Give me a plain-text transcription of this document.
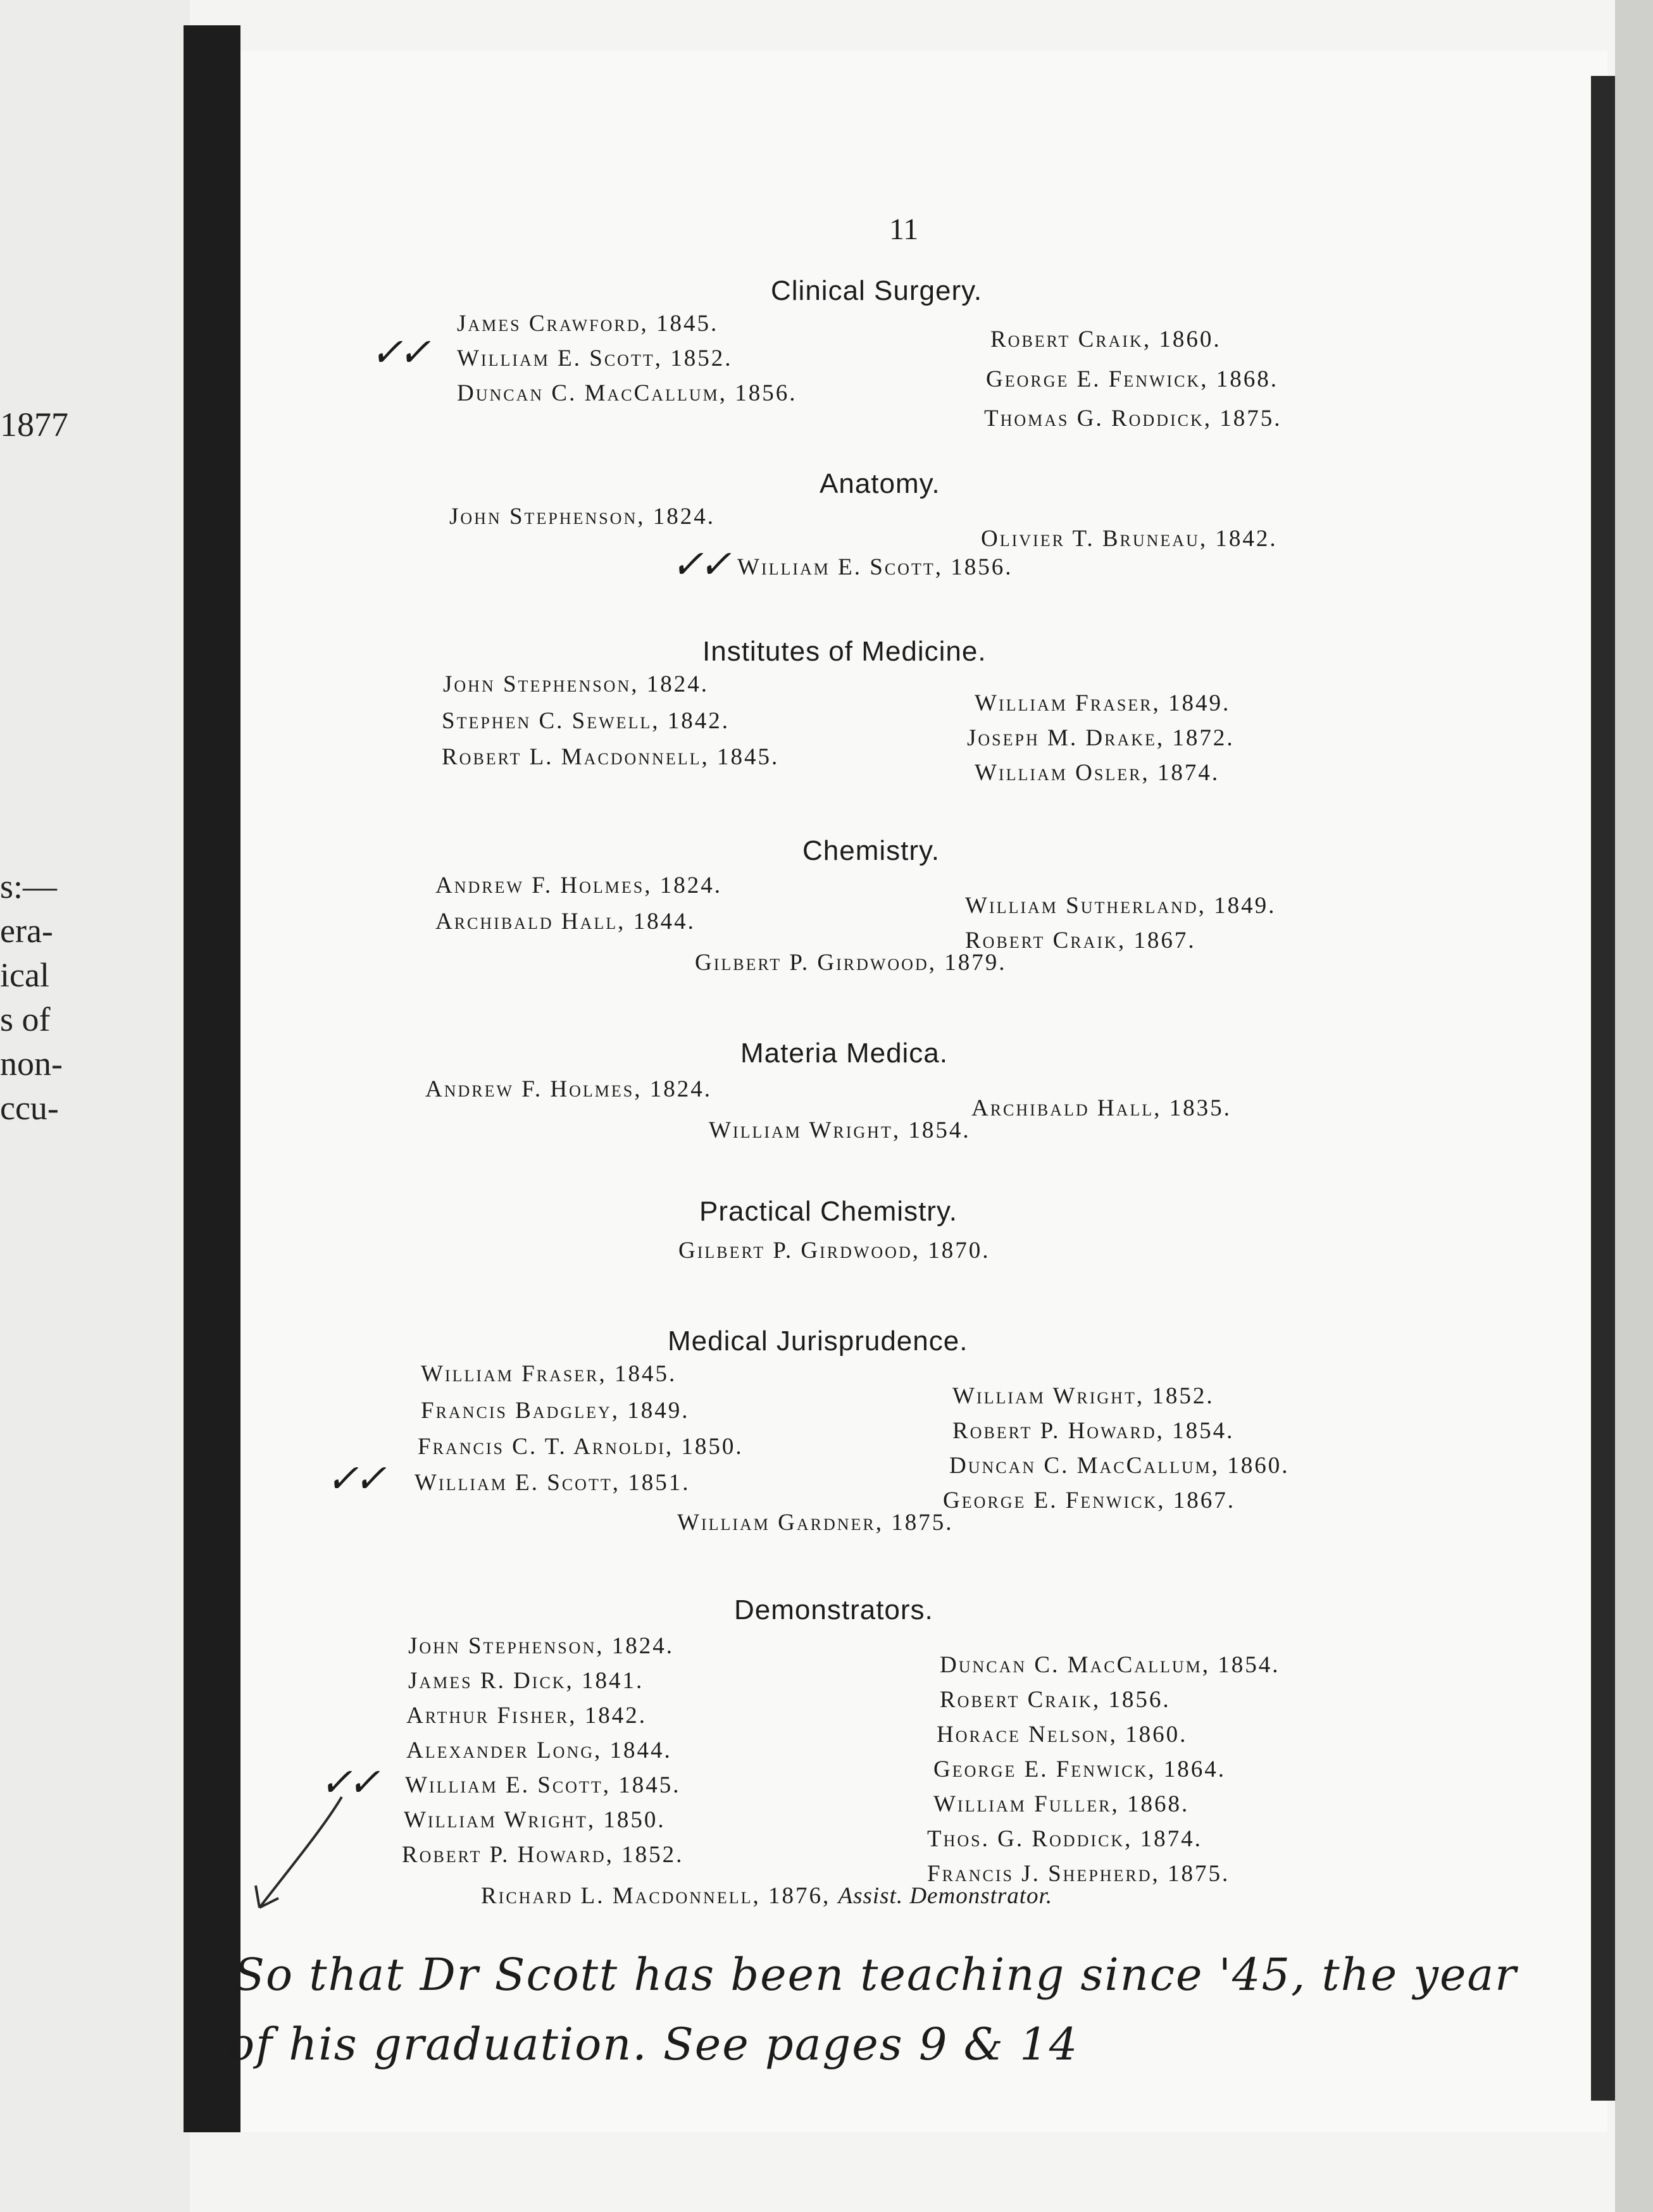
1877
s:—
era-
ical
s of
non-
ccu-
11
Clinical Surgery.
James Crawford, 1845.
William E. Scott, 1852.
Duncan C. MacCallum, 1856.
Robert Craik, 1860.
George E. Fenwick, 1868.
Thomas G. Roddick, 1875.
✓✓
Anatomy.
John Stephenson, 1824.
Olivier T. Bruneau, 1842.
William E. Scott, 1856.
✓✓
Institutes of Medicine.
John Stephenson, 1824.
Stephen C. Sewell, 1842.
Robert L. Macdonnell, 1845.
William Fraser, 1849.
Joseph M. Drake, 1872.
William Osler, 1874.
Chemistry.
Andrew F. Holmes, 1824.
Archibald Hall, 1844.
William Sutherland, 1849.
Robert Craik, 1867.
Gilbert P. Girdwood, 1879.
Materia Medica.
Andrew F. Holmes, 1824.
Archibald Hall, 1835.
William Wright, 1854.
Practical Chemistry.
Gilbert P. Girdwood, 1870.
Medical Jurisprudence.
William Fraser, 1845.
Francis Badgley, 1849.
Francis C. T. Arnoldi, 1850.
William E. Scott, 1851.
William Wright, 1852.
Robert P. Howard, 1854.
Duncan C. MacCallum, 1860.
George E. Fenwick, 1867.
William Gardner, 1875.
✓✓
Demonstrators.
John Stephenson, 1824.
James R. Dick, 1841.
Arthur Fisher, 1842.
Alexander Long, 1844.
William E. Scott, 1845.
William Wright, 1850.
Robert P. Howard, 1852.
Duncan C. MacCallum, 1854.
Robert Craik, 1856.
Horace Nelson, 1860.
George E. Fenwick, 1864.
William Fuller, 1868.
Thos. G. Roddick, 1874.
Francis J. Shepherd, 1875.
Richard L. Macdonnell, 1876, Assist. Demonstrator.
✓✓
So that Dr Scott has been teaching since '45, the year
of his graduation. See pages 9 & 14
